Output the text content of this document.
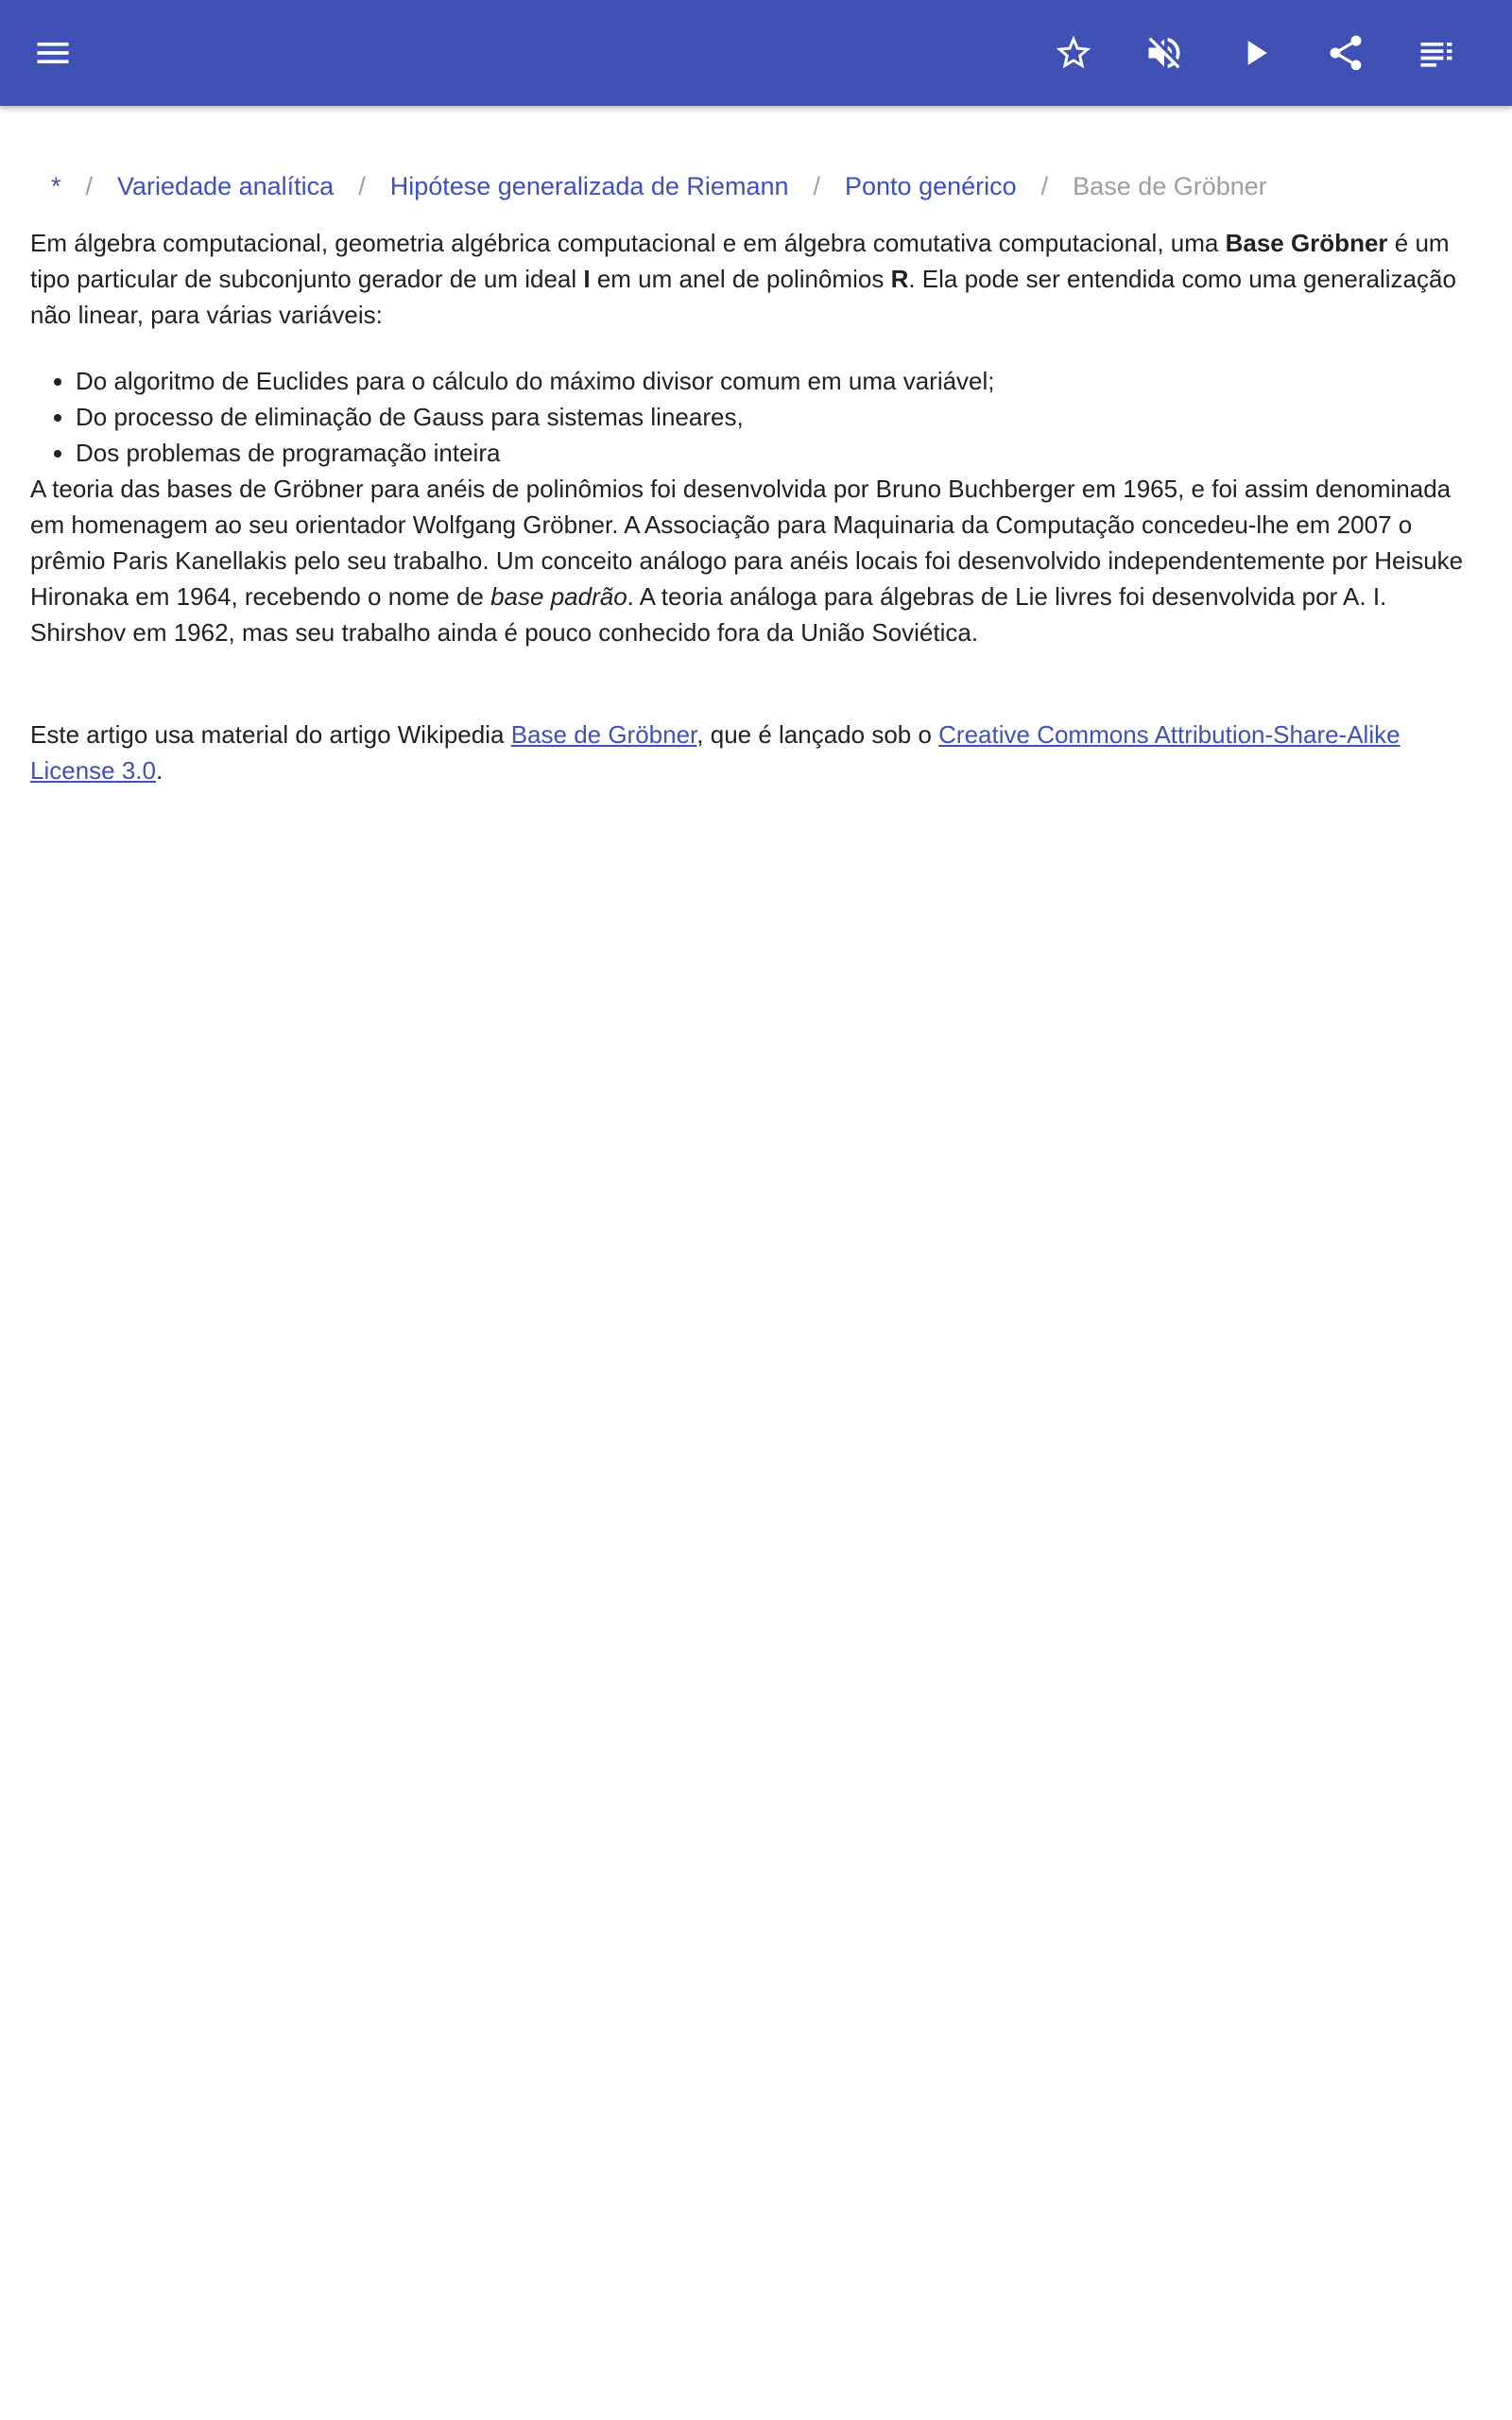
* / Variedade analítica / Hipótese generalizada de Riemann / Ponto genérico / Base de Gröbner

Em álgebra computacional, geometria algébrica computacional e em álgebra comutativa computacional, uma Base Gröbner é um tipo particular de subconjunto gerador de um ideal I em um anel de polinômios R. Ela pode ser entendida como uma generalização não linear, para várias variáveis:

• Do algoritmo de Euclides para o cálculo do máximo divisor comum em uma variável;
• Do processo de eliminação de Gauss para sistemas lineares,
• Dos problemas de programação inteira

A teoria das bases de Gröbner para anéis de polinômios foi desenvolvida por Bruno Buchberger em 1965, e foi assim denominada em homenagem ao seu orientador Wolfgang Gröbner. A Associação para Maquinaria da Computação concedeu-lhe em 2007 o prêmio Paris Kanellakis pelo seu trabalho. Um conceito análogo para anéis locais foi desenvolvido independentemente por Heisuke Hironaka em 1964, recebendo o nome de base padrão. A teoria análoga para álgebras de Lie livres foi desenvolvida por A. I. Shirshov em 1962, mas seu trabalho ainda é pouco conhecido fora da União Soviética.

Este artigo usa material do artigo Wikipedia Base de Gröbner, que é lançado sob o Creative Commons Attribution-Share-Alike License 3.0.
